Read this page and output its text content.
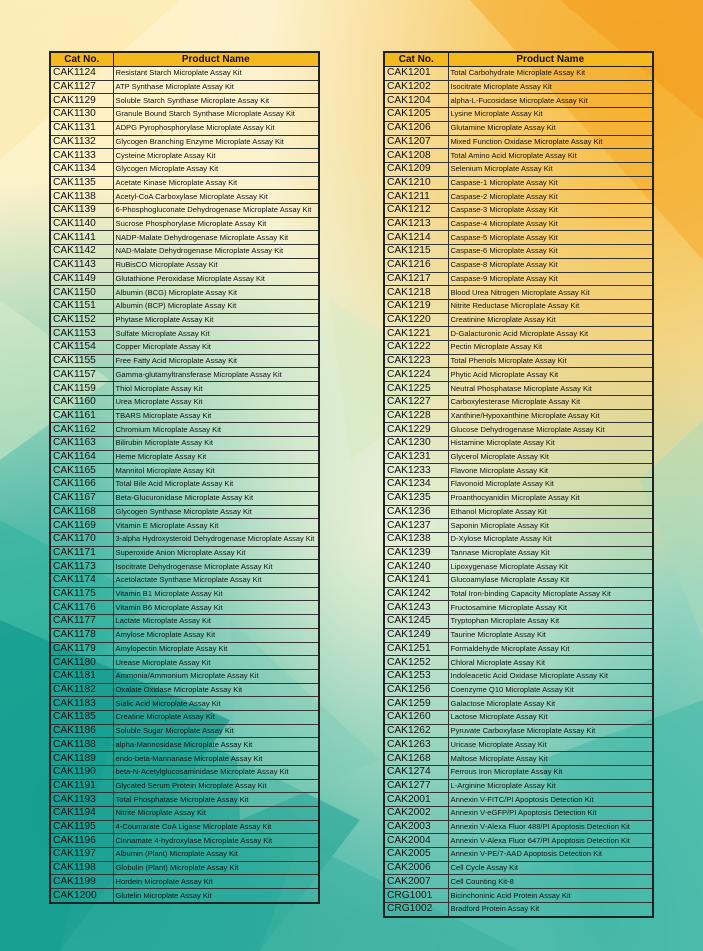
Cat No.	Product Name
CAK1124	Resistant Starch Microplate Assay Kit
CAK1127	ATP Synthase Microplate Assay Kit
CAK1129	Soluble Starch Synthase Microplate Assay Kit
CAK1130	Granule Bound Starch Synthase Microplate Assay Kit
CAK1131	ADPG Pyrophosphorylase Microplate Assay Kit
CAK1132	Glycogen Branching Enzyme Microplate Assay Kit
CAK1133	Cysteine Microplate Assay Kit
CAK1134	Glycogen Microplate Assay Kit
CAK1135	Acetate Kinase Microplate Assay Kit
CAK1138	Acetyl-CoA Carboxylase Microplate Assay Kit
CAK1139	6-Phosphogluconate Dehydrogenase Microplate Assay Kit
CAK1140	Sucrose Phosphorylase Microplate Assay Kit
CAK1141	NADP-Malate Dehydrogenase Microplate Assay Kit
CAK1142	NAD-Malate Dehydrogenase Microplate Assay Kit
CAK1143	RuBisCO Microplate Assay Kit
CAK1149	Glutathione Peroxidase Microplate Assay Kit
CAK1150	Albumin (BCG) Microplate Assay Kit
CAK1151	Albumin (BCP) Microplate Assay Kit
CAK1152	Phytase Microplate Assay Kit
CAK1153	Sulfate Microplate Assay Kit
CAK1154	Copper Microplate Assay Kit
CAK1155	Free Fatty Acid Microplate Assay Kit
CAK1157	Gamma-glutamyltransferase Microplate Assay Kit
CAK1159	Thiol Microplate Assay Kit
CAK1160	Urea Microplate Assay Kit
CAK1161	TBARS Microplate Assay Kit
CAK1162	Chromium Microplate Assay Kit
CAK1163	Bilirubin Microplate Assay Kit
CAK1164	Heme Microplate Assay Kit
CAK1165	Mannitol Microplate Assay Kit
CAK1166	Total Bile Acid Microplate Assay Kit
CAK1167	Beta-Glucuronidase Microplate Assay Kit
CAK1168	Glycogen Synthase Microplate Assay Kit
CAK1169	Vitamin E Microplate Assay Kit
CAK1170	3-alpha Hydroxysteroid Dehydrogenase Microplate Assay Kit
CAK1171	Superoxide Anion Microplate Assay Kit
CAK1173	Isocitrate Dehydrogenase Microplate Assay Kit
CAK1174	Acetolactate Synthase Microplate Assay Kit
CAK1175	Vitamin B1 Microplate Assay Kit
CAK1176	Vitamin B6 Microplate Assay Kit
CAK1177	Lactate Microplate Assay Kit
CAK1178	Amylose Microplate Assay Kit
CAK1179	Amylopectin Microplate Assay Kit
CAK1180	Urease Microplate Assay Kit
CAK1181	Ammonia/Ammonium Microplate Assay Kit
CAK1182	Oxalate Oxidase Microplate Assay Kit
CAK1183	Sialic Acid Microplate Assay Kit
CAK1185	Creatine Microplate Assay Kit
CAK1186	Soluble Sugar Microplate Assay Kit
CAK1188	alpha-Mannosidase Microplate Assay Kit
CAK1189	endo-beta-Mannanase Microplate Assay Kit
CAK1190	beta-N-Acetylglucosaminidase Microplate Assay Kit
CAK1191	Glycated Serum Protein Microplate Assay Kit
CAK1193	Total Phosphatase Microplate Assay Kit
CAK1194	Nitrite Microplate Assay Kit
CAK1195	4-Coumarate CoA Ligase Microplate Assay Kit
CAK1196	Cinnamate 4-hydroxylase Microplate Assay Kit
CAK1197	Albumin (Plant) Microplate Assay Kit
CAK1198	Globulin (Plant) Microplate Assay Kit
CAK1199	Hordein Microplate Assay Kit
CAK1200	Glutelin Microplate Assay Kit
Cat No.	Product Name
CAK1201	Total Carbohydrate Microplate Assay Kit
CAK1202	Isocitrate Microplate Assay Kit
CAK1204	alpha-L-Fucosidase Microplate Assay Kit
CAK1205	Lysine Microplate Assay Kit
CAK1206	Glutamine Microplate Assay Kit
CAK1207	Mixed Function Oxidase Microplate Assay Kit
CAK1208	Total Amino Acid Microplate Assay Kit
CAK1209	Selenium Microplate Assay Kit
CAK1210	Caspase-1 Microplate Assay Kit
CAK1211	Caspase-2 Microplate Assay Kit
CAK1212	Caspase-3 Microplate Assay Kit
CAK1213	Caspase-4 Microplate Assay Kit
CAK1214	Caspase-5 Microplate Assay Kit
CAK1215	Caspase-6 Microplate Assay Kit
CAK1216	Caspase-8 Microplate Assay Kit
CAK1217	Caspase-9 Microplate Assay Kit
CAK1218	Blood Urea Nitrogen Microplate Assay Kit
CAK1219	Nitrite Reductase Microplate Assay Kit
CAK1220	Creatinine Microplate Assay Kit
CAK1221	D-Galacturonic Acid Microplate Assay Kit
CAK1222	Pectin Microplate Assay Kit
CAK1223	Total Phenols Microplate Assay Kit
CAK1224	Phytic Acid Microplate Assay Kit
CAK1225	Neutral Phosphatase Microplate Assay Kit
CAK1227	Carboxylesterase Microplate Assay Kit
CAK1228	Xanthine/Hypoxanthine Microplate Assay Kit
CAK1229	Glucose Dehydrogenase Microplate Assay Kit
CAK1230	Histamine Microplate Assay Kit
CAK1231	Glycerol Microplate Assay Kit
CAK1233	Flavone Microplate Assay Kit
CAK1234	Flavonoid Microplate Assay Kit
CAK1235	Proanthocyanidin Microplate Assay Kit
CAK1236	Ethanol Microplate Assay Kit
CAK1237	Saponin Microplate Assay Kit
CAK1238	D-Xylose Microplate Assay Kit
CAK1239	Tannase Microplate Assay Kit
CAK1240	Lipoxygenase Microplate Assay Kit
CAK1241	Glucoamylase Microplate Assay Kit
CAK1242	Total Iron-binding Capacity Microplate Assay Kit
CAK1243	Fructosamine Microplate Assay Kit
CAK1245	Tryptophan Microplate Assay Kit
CAK1249	Taurine Microplate Assay Kit
CAK1251	Formaldehyde Microplate Assay Kit
CAK1252	Chloral Microplate Assay Kit
CAK1253	Indoleacetic Acid Oxidase Microplate Assay Kit
CAK1256	Coenzyme Q10 Microplate Assay Kit
CAK1259	Galactose Microplate Assay Kit
CAK1260	Lactose Microplate Assay Kit
CAK1262	Pyruvate Carboxylase Microplate Assay Kit
CAK1263	Uricase Microplate Assay Kit
CAK1268	Maltose Microplate Assay Kit
CAK1274	Ferrous Iron Microplate Assay Kit
CAK1277	L-Arginine Microplate Assay Kit
CAK2001	Annexin V-FITC/PI Apoptosis Detection Kit
CAK2002	Annexin V-eGFP/PI Apoptosis Detection Kit
CAK2003	Annexin V-Alexa Fluor 488/PI Apoptosis Detection Kit
CAK2004	Annexin V-Alexa Fluor 647/PI Apoptosis Detection Kit
CAK2005	Annexin V-PE/7-AAD Apoptosis Detection Kit
CAK2006	Cell Cycle Assay Kit
CAK2007	Cell Counting Kit-8
CRG1001	Bicinchoninic Acid Protein Assay Kit
CRG1002	Bradford Protein Assay Kit
